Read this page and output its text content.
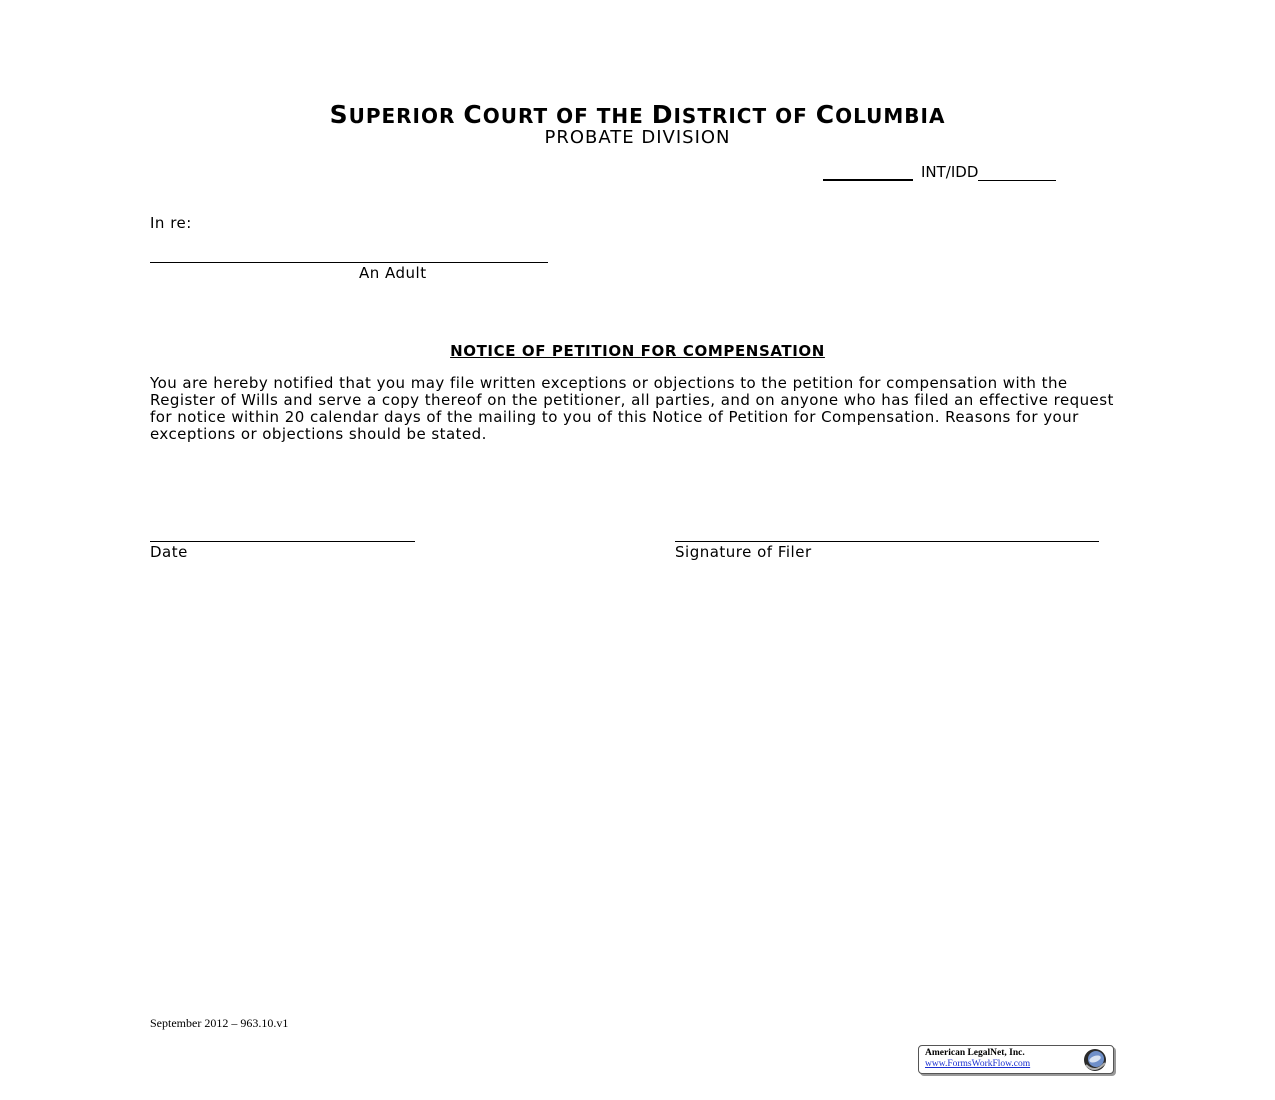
SUPERIOR COURT OF THE DISTRICT OF COLUMBIA
PROBATE DIVISION
INT/IDD
In re:
An Adult
NOTICE OF PETITION FOR COMPENSATION
You are hereby notified that you may file written exceptions or objections to the petition for compensation with the Register of Wills and serve a copy thereof on the petitioner, all parties, and on anyone who has filed an effective request for notice within 20 calendar days of the mailing to you of this Notice of Petition for Compensation. Reasons for your exceptions or objections should be stated.
Date	Signature of Filer
September 2012 – 963.10.v1
American LegalNet, Inc.
www.FormsWorkFlow.com
